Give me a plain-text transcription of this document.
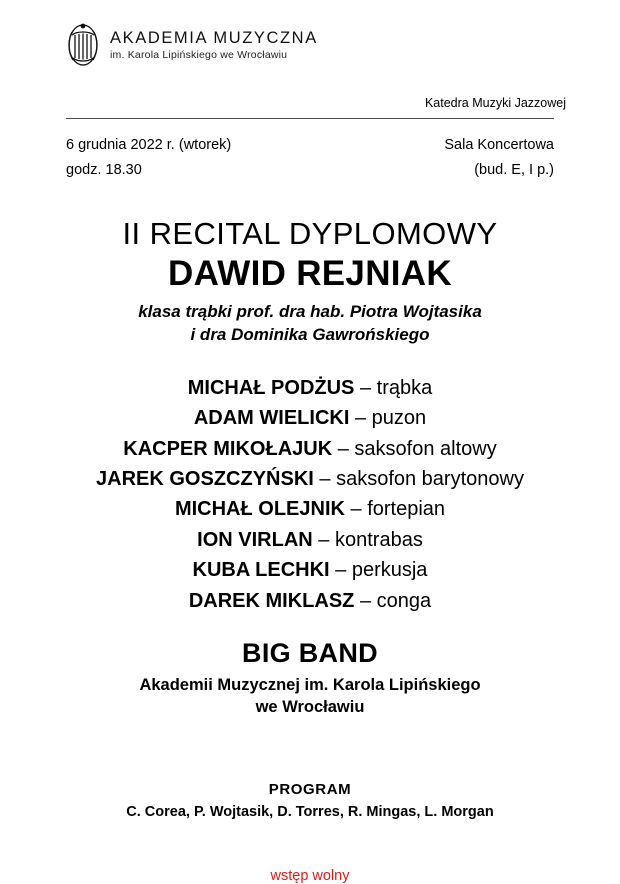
AKADEMIA MUZYCZNA
im. Karola Lipińskiego we Wrocławiu
Katedra Muzyki Jazzowej
6 grudnia 2022 r. (wtorek)
godz. 18.30
Sala Koncertowa
(bud. E, I p.)
II RECITAL DYPLOMOWY
DAWID REJNIAK
klasa trąbki prof. dra hab. Piotra Wojtasika
i dra Dominika Gawrońskiego
MICHAŁ PODŻUS – trąbka
ADAM WIELICKI – puzon
KACPER MIKOŁAJUK – saksofon altowy
JAREK GOSZCZYŃSKI – saksofon barytonowy
MICHAŁ OLEJNIK – fortepian
ION VIRLAN – kontrabas
KUBA LECHKI – perkusja
DAREK MIKLASZ – conga
BIG BAND
Akademii Muzycznej im. Karola Lipińskiego
we Wrocławiu
PROGRAM
C. Corea, P. Wojtasik, D. Torres, R. Mingas, L. Morgan
wstęp wolny
